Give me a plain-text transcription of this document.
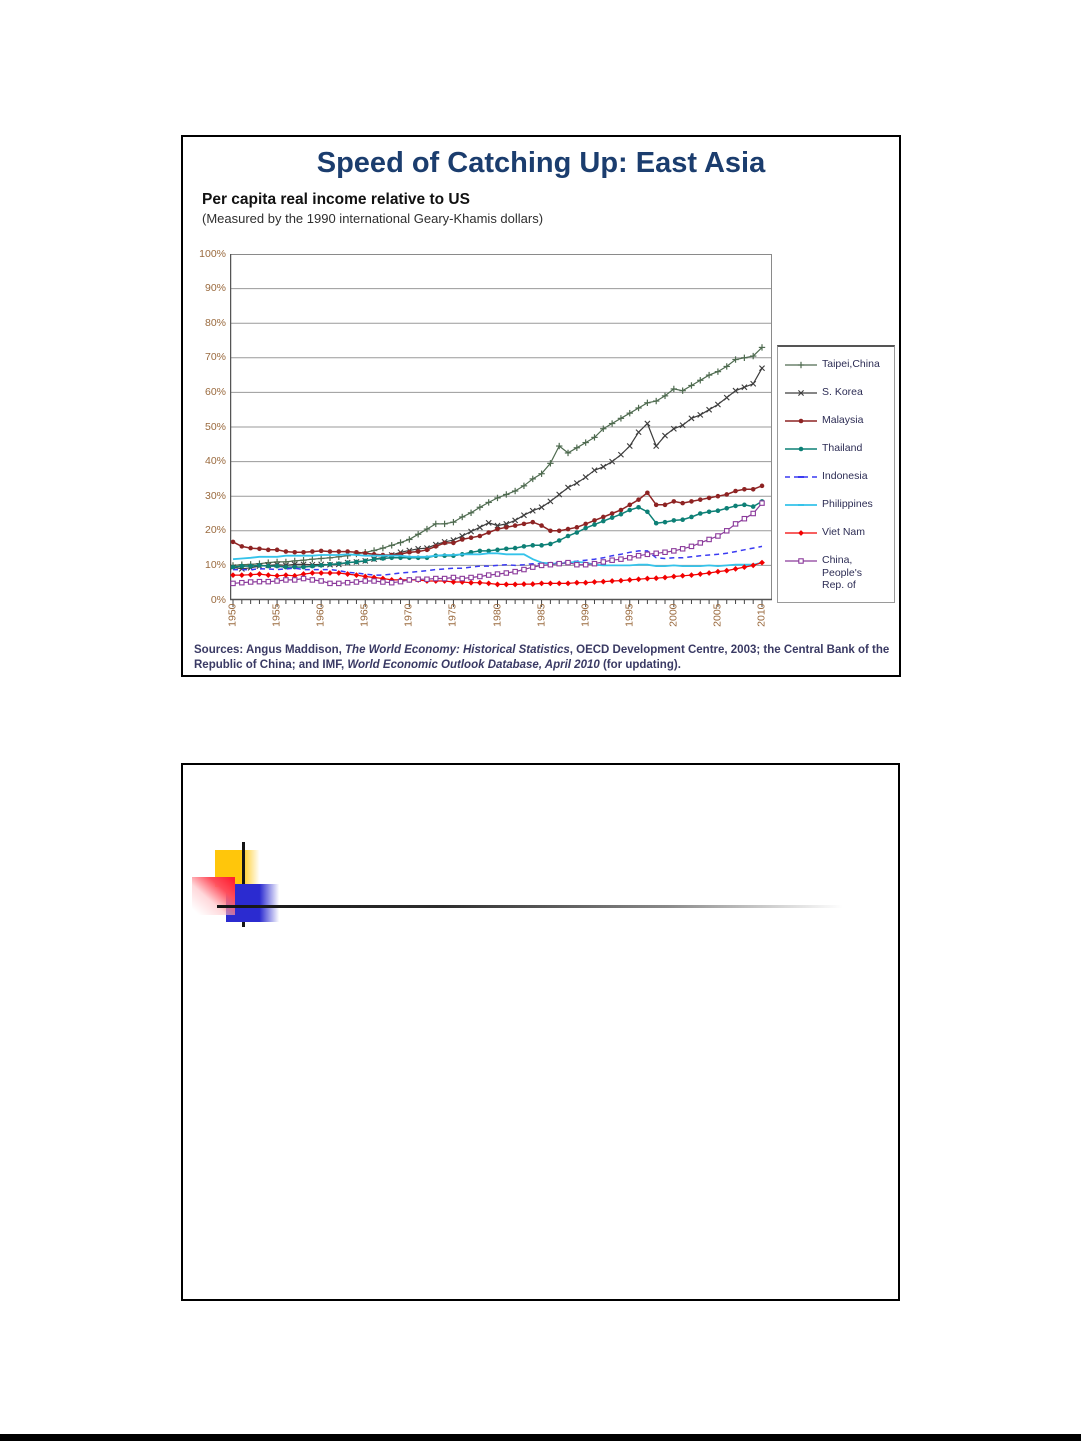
Speed of Catching Up: East Asia
Per capita real income relative to US
(Measured by the 1990 international Geary-Khamis dollars)
0%
10%
20%
30%
40%
50%
60%
70%
80%
90%
100%
1950	1955	1960	1965	1970	1975	1980	1985	1990	1995	2000	2005	2010
Taipei,China
S. Korea
Malaysia
Thailand
Indonesia
Philippines
Viet Nam
China, People's Rep. of
Sources: Angus Maddison, The World Economy: Historical Statistics, OECD Development Centre, 2003; the Central Bank of the Republic of China; and IMF, World Economic Outlook Database, April 2010 (for updating).
